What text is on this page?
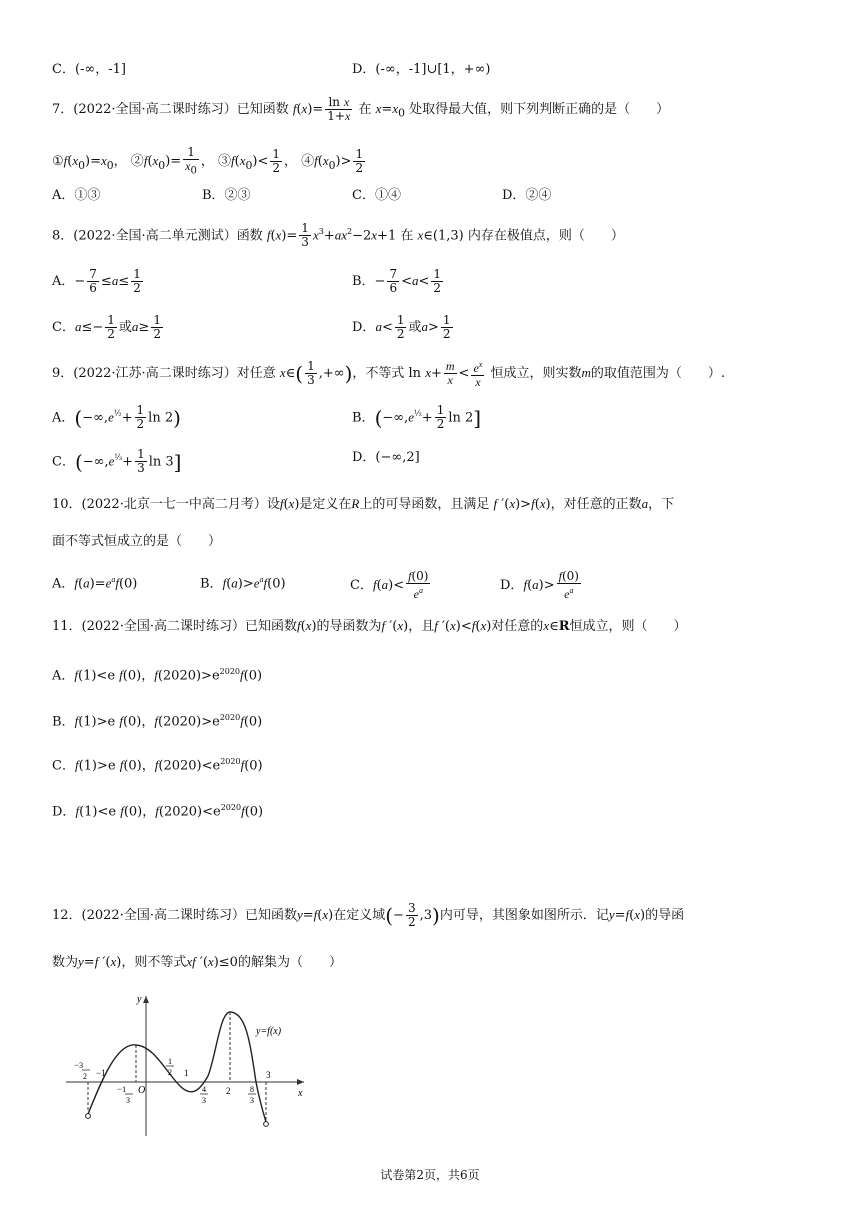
C．(-∞，-1]	D．(-∞，-1]∪[1，+∞)
7．(2022·全国·高二课时练习）已知函数 $f(x)= \frac{\text{ln x}}{1+x}$ 在 $x=x_0$ 处取得最大值，则下列判断正确的是（　　）
$①f(x_0)=x_0$， $②f(x_0)= \frac{1}{x_0}$ ， $③f(x_0)< \frac{1}{2}$ ， $④f(x_0)> \frac{1}{2}$
A．①③	B．②③	C．①④	D．②④
8．(2022·全国·高二单元测试）函数 $f(x)= \frac{1}{3} x^3+ax^2-2x+1$ 在 x∈(1,3) 内存在极值点，则（　　）
A．− $\frac{7}{6} \le a\le \frac{1}{2}$	B．− $\frac{7}{6} <a< \frac{1}{2}$
C．$a\le- \frac{1}{2}$ 或$a\ge \frac{1}{2}$	D．$a< \frac{1}{2}$ 或$a> \frac{1}{2}$
9．(2022·江苏·高二课时练习）对任意 x∈( $\frac{1}{3}$ ,+∞)，不等式 $\ln x+ \frac{m}{x} < \frac{e^x}{x}$ 恒成立，则实数m的取值范围为（　　）.
A．($-\infty,e^{\frac{1}{2}}+ \frac{1}{2}$ ln 2)	B．($-\infty,e^{\frac{1}{2}}+ \frac{1}{2}$ ln 2]
C．($-\infty,e^{\frac{1}{3}}+ \frac{1}{3}$ ln 3]	D．(−∞,2]
10．(2022·北京一七一中高二月考）设f(x)是定义在R上的可导函数，且满足 f ′(x)>f(x)，对任意的正数a，下
面不等式恒成立的是（　　）
A．$f(a)=e^af(0)$	B．$f(a)>e^af(0)$	C．$f(a)< \frac{f(0)}{e^a}$	D．$f(a)> \frac{f(0)}{e^a}$
11．(2022·全国·高二课时练习）已知函数f(x)的导函数为f ′(x)，且f ′(x)<f(x)对任意的x∈R恒成立，则（　　）
A．f(1)<e f(0)，$f(2020)>e^{2020}f(0)$
B．f(1)>e f(0)，$f(2020)>e^{2020}f(0)$
C．f(1)>e f(0)，$f(2020)<e^{2020}f(0)$
D．f(1)<e f(0)，$f(2020)<e^{2020}f(0)$
12．(2022·全国·高二课时练习）已知函数y=f(x)在定义域(− $\frac{3}{2} ,3$)内可导，其图象如图所示．记y=f(x)的导函
数为y=f ′(x)，则不等式xf ′(x)≤0的解集为（　　）
y=f(x)
y
x
O
−3
2 −1
−1
3
1
2 1
4
3
2 8
3
3
试卷第2页，共6页
